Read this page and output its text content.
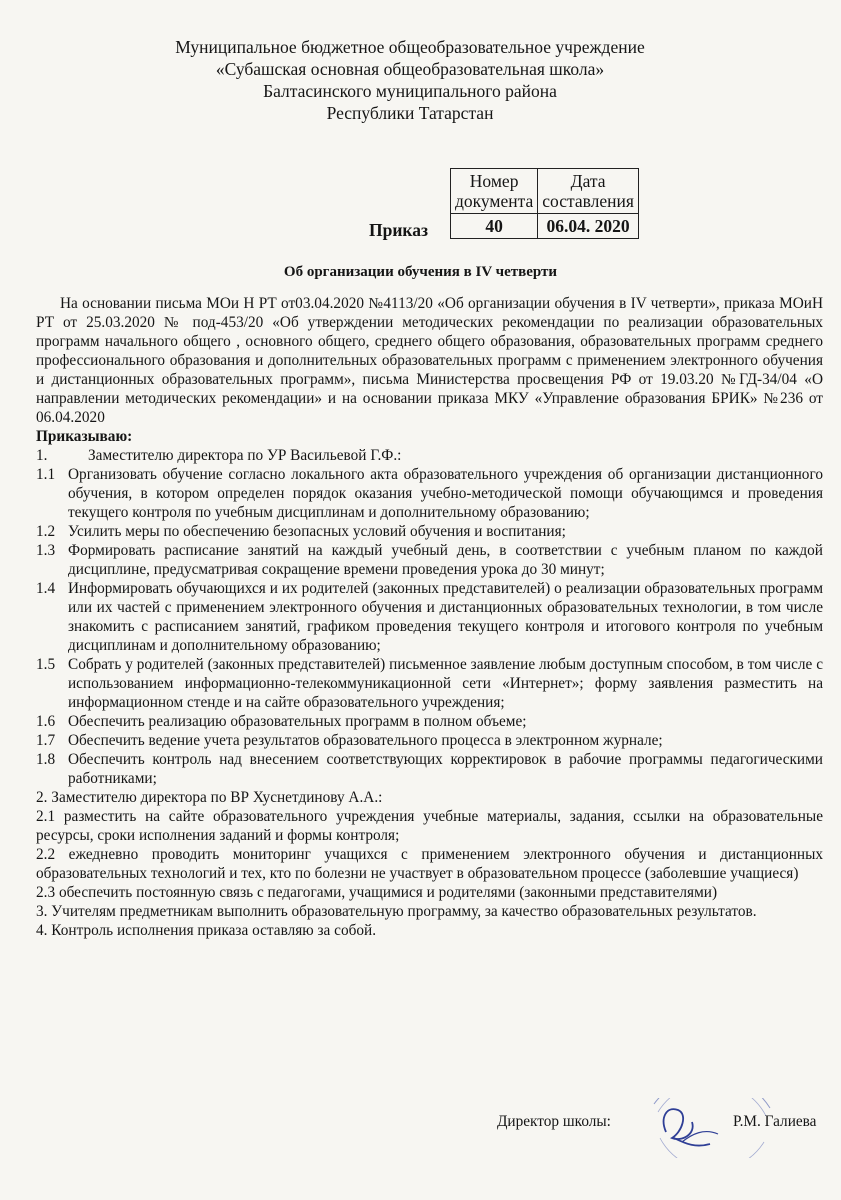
Муниципальное бюджетное общеобразовательное учреждение
«Субашская основная общеобразовательная школа»
Балтасинского муниципального района
Республики Татарстан
Приказ
Номер документа	Дата составления
40	06.04. 2020
Об организации обучения в IV четверти

На основании письма МОи Н РТ от03.04.2020 №4113/20 «Об организации обучения в IV четверти», приказа МОиН РТ от 25.03.2020 № под-453/20 «Об утверждении методических рекомендации по реализации образовательных программ начального общего , основного общего, среднего общего образования, образовательных программ среднего профессионального образования и дополнительных образовательных программ с применением электронного обучения и дистанционных образовательных программ», письма Министерства просвещения РФ от 19.03.20 №ГД-34/04 «О направлении методических рекомендации» и на основании приказа МКУ «Управление образования БРИК» №236 от 06.04.2020

Приказываю:

1.	Заместителю директора по УР Васильевой Г.Ф.:
1.1 Организовать обучение согласно локального акта образовательного учреждения об организации дистанционного обучения, в котором определен порядок оказания учебно-методической помощи обучающимся и проведения текущего контроля по учебным дисциплинам и дополнительному образованию;
1.2 Усилить меры по обеспечению безопасных условий обучения и воспитания;
1.3 Формировать расписание занятий на каждый учебный день, в соответствии с учебным планом по каждой дисциплине, предусматривая сокращение времени проведения урока до 30 минут;
1.4 Информировать обучающихся и их родителей (законных представителей) о реализации образовательных программ или их частей с применением электронного обучения и дистанционных образовательных технологии, в том числе знакомить с расписанием занятий, графиком проведения текущего контроля и итогового контроля по учебным дисциплинам и дополнительному образованию;
1.5 Собрать у родителей (законных представителей) письменное заявление любым доступным способом, в том числе с использованием информационно-телекоммуникационной сети «Интернет»; форму заявления разместить на информационном стенде и на сайте образовательного учреждения;
1.6 Обеспечить реализацию образовательных программ в полном объеме;
1.7 Обеспечить ведение учета результатов образовательного процесса в электронном журнале;
1.8 Обеспечить контроль над внесением соответствующих корректировок в рабочие программы педагогическими работниками;

2. Заместителю директора по ВР Хуснетдинову А.А.:

2.1 разместить на сайте образовательного учреждения учебные материалы, задания, ссылки на образовательные ресурсы, сроки исполнения заданий и формы контроля;

2.2 ежедневно проводить мониторинг учащихся с применением электронного обучения и дистанционных образовательных технологий и тех, кто по болезни не участвует в образовательном процессе (заболевшие учащиеся)

2.3 обеспечить постоянную связь с педагогами, учащимися и родителями (законными представителями)

3. Учителям предметникам выполнить образовательную программу, за качество образовательных результатов.

4. Контроль исполнения приказа оставляю за собой.

Директор школы:	Р.М. Галиева
